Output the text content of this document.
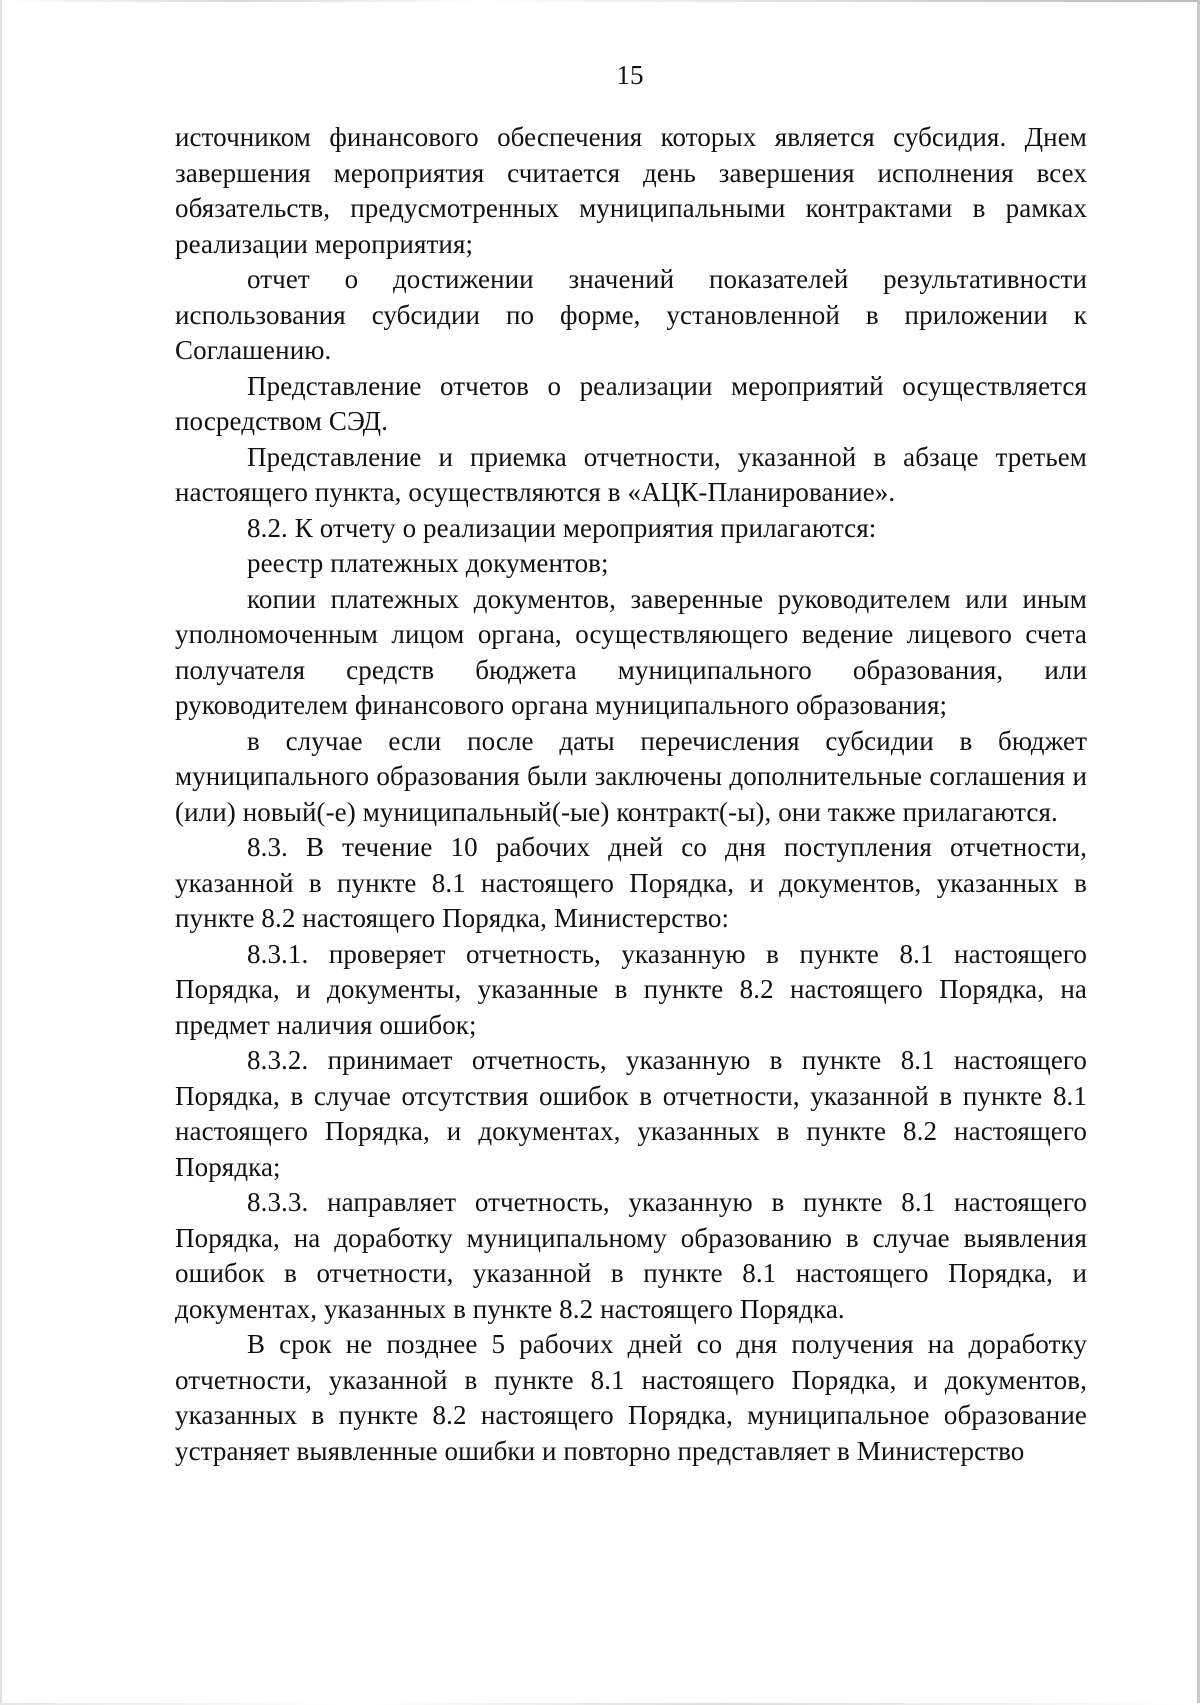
15

источником финансового обеспечения которых является субсидия. Днем завершения мероприятия считается день завершения исполнения всех обязательств, предусмотренных муниципальными контрактами в рамках реализации мероприятия;

отчет о достижении значений показателей результативности использования субсидии по форме, установленной в приложении к Соглашению.

Представление отчетов о реализации мероприятий осуществляется посредством СЭД.

Представление и приемка отчетности, указанной в абзаце третьем настоящего пункта, осуществляются в «АЦК-Планирование».

8.2. К отчету о реализации мероприятия прилагаются:

реестр платежных документов;

копии платежных документов, заверенные руководителем или иным уполномоченным лицом органа, осуществляющего ведение лицевого счета получателя средств бюджета муниципального образования, или руководителем финансового органа муниципального образования;

в случае если после даты перечисления субсидии в бюджет муниципального образования были заключены дополнительные соглашения и (или) новый(-е) муниципальный(-ые) контракт(-ы), они также прилагаются.

8.3. В течение 10 рабочих дней со дня поступления отчетности, указанной в пункте 8.1 настоящего Порядка, и документов, указанных в пункте 8.2 настоящего Порядка, Министерство:

8.3.1. проверяет отчетность, указанную в пункте 8.1 настоящего Порядка, и документы, указанные в пункте 8.2 настоящего Порядка, на предмет наличия ошибок;

8.3.2. принимает отчетность, указанную в пункте 8.1 настоящего Порядка, в случае отсутствия ошибок в отчетности, указанной в пункте 8.1 настоящего Порядка, и документах, указанных в пункте 8.2 настоящего Порядка;

8.3.3. направляет отчетность, указанную в пункте 8.1 настоящего Порядка, на доработку муниципальному образованию в случае выявления ошибок в отчетности, указанной в пункте 8.1 настоящего Порядка, и документах, указанных в пункте 8.2 настоящего Порядка.

В срок не позднее 5 рабочих дней со дня получения на доработку отчетности, указанной в пункте 8.1 настоящего Порядка, и документов, указанных в пункте 8.2 настоящего Порядка, муниципальное образование устраняет выявленные ошибки и повторно представляет в Министерство
